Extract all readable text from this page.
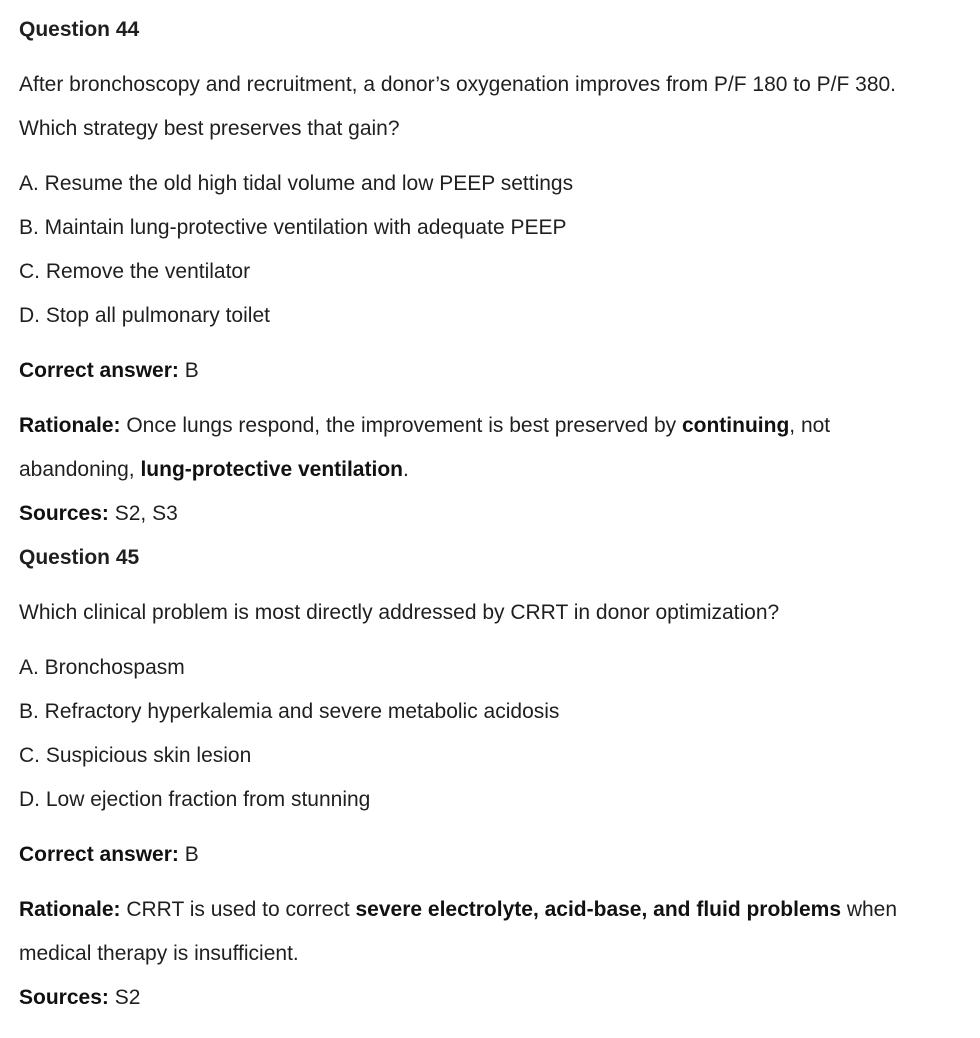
Question 44
After bronchoscopy and recruitment, a donor’s oxygenation improves from P/F 180 to P/F 380. Which strategy best preserves that gain?
A. Resume the old high tidal volume and low PEEP settings
B. Maintain lung-protective ventilation with adequate PEEP
C. Remove the ventilator
D. Stop all pulmonary toilet
Correct answer: B
Rationale: Once lungs respond, the improvement is best preserved by continuing, not abandoning, lung-protective ventilation.
Sources: S2, S3
Question 45
Which clinical problem is most directly addressed by CRRT in donor optimization?
A. Bronchospasm
B. Refractory hyperkalemia and severe metabolic acidosis
C. Suspicious skin lesion
D. Low ejection fraction from stunning
Correct answer: B
Rationale: CRRT is used to correct severe electrolyte, acid-base, and fluid problems when medical therapy is insufficient.
Sources: S2
